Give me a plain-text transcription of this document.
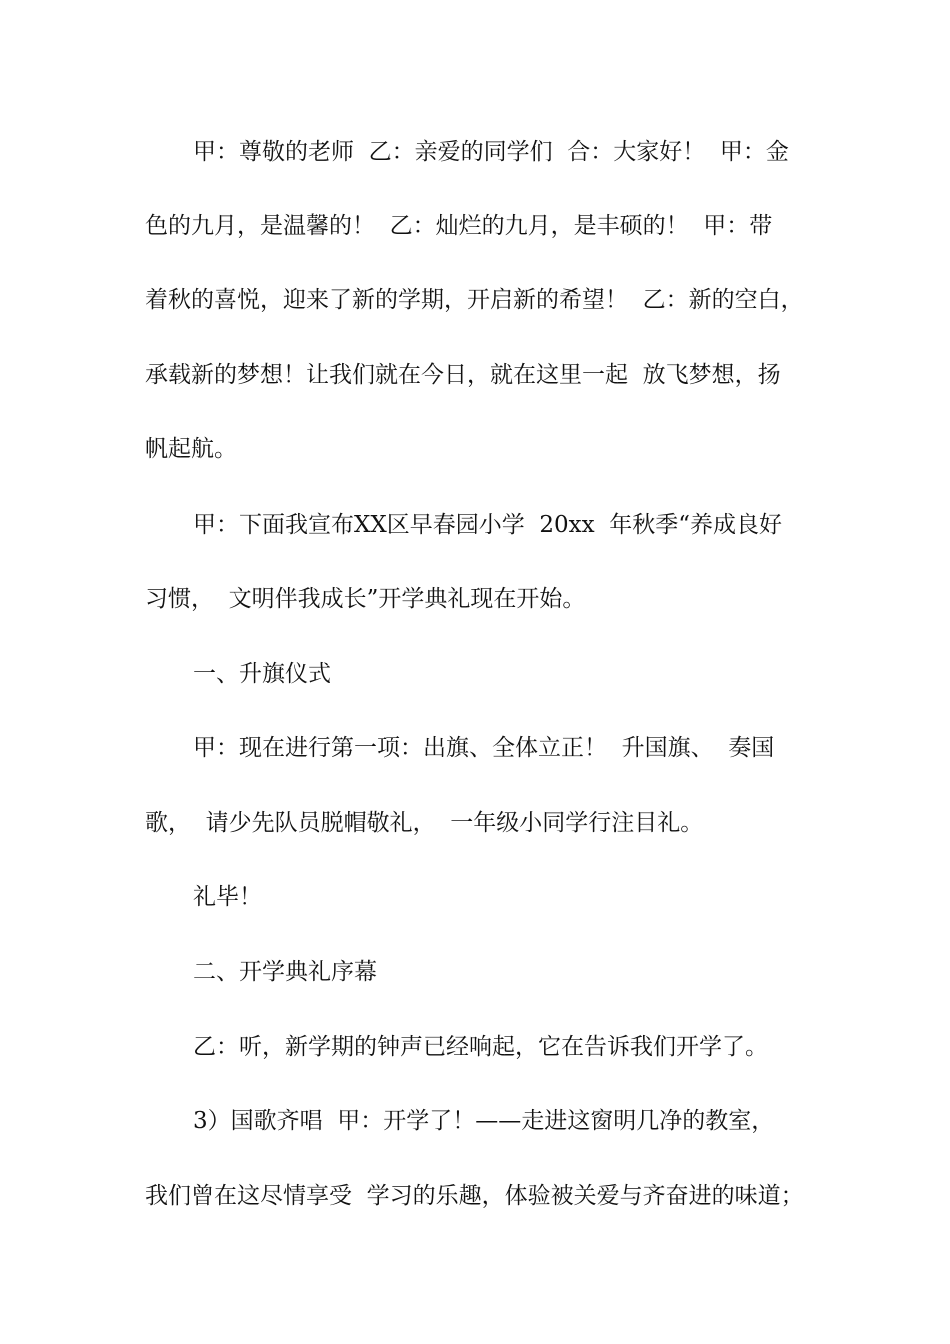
甲：尊敬的老师  乙：亲爱的同学们  合：大家好！  甲：金
色的九月，是温馨的！  乙：灿烂的九月，是丰硕的！  甲：带
着秋的喜悦，迎来了新的学期，开启新的希望！  乙：新的空白，
承载新的梦想！让我们就在今日，就在这里一起  放飞梦想，扬
帆起航。
甲：下面我宣布XX区早春园小学  20xx  年秋季“养成良好
习惯，  文明伴我成长”开学典礼现在开始。
一、升旗仪式
甲：现在进行第一项：出旗、全体立正！  升国旗、  奏国
歌，  请少先队员脱帽敬礼，  一年级小同学行注目礼。
礼毕！
二、开学典礼序幕
乙：听，新学期的钟声已经响起，它在告诉我们开学了。
3）国歌齐唱  甲：开学了！——走进这窗明几净的教室，
我们曾在这尽情享受  学习的乐趣，体验被关爱与齐奋进的味道；
